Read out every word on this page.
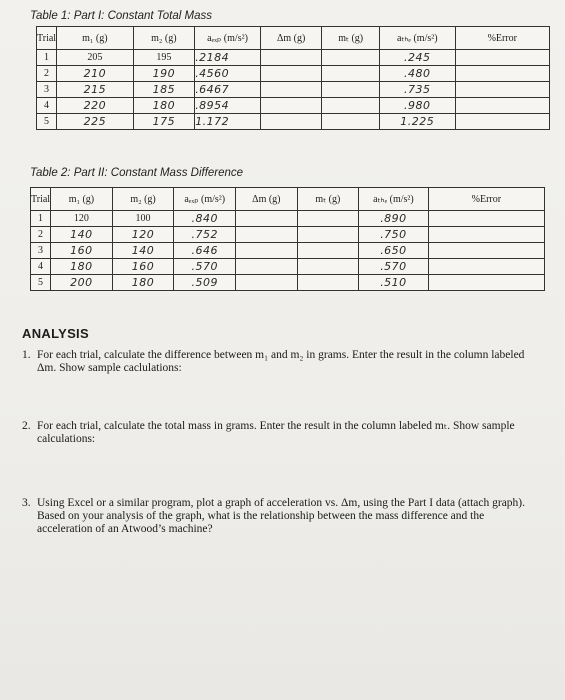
Table 1: Part I: Constant Total Mass
Trial	m₁ (g)	m₂ (g)	aₑₓₚ (m/s²)	Δm (g)	mₜ (g)	aₜₕₑ (m/s²)	%Error
1	205	195	.2184			.245	
2	210	190	.4560			.480	
3	215	185	.6467			.735	
4	220	180	.8954			.980	
5	225	175	1.172			1.225	
Table 2: Part II: Constant Mass Difference
Trial	m₁ (g)	m₂ (g)	aₑₓₚ (m/s²)	Δm (g)	mₜ (g)	aₜₕₑ (m/s²)	%Error
1	120	100	.840			.890	
2	140	120	.752			.750	
3	160	140	.646			.650	
4	180	160	.570			.570	
5	200	180	.509			.510	
ANALYSIS
1. For each trial, calculate the difference between m₁ and m₂ in grams. Enter the result in the column labeled
Δm. Show sample caclulations:
2. For each trial, calculate the total mass in grams. Enter the result in the column labeled mₜ. Show sample
calculations:
3. Using Excel or a similar program, plot a graph of acceleration vs. Δm, using the Part I data (attach graph).
Based on your analysis of the graph, what is the relationship between the mass difference and the
acceleration of an Atwood’s machine?
